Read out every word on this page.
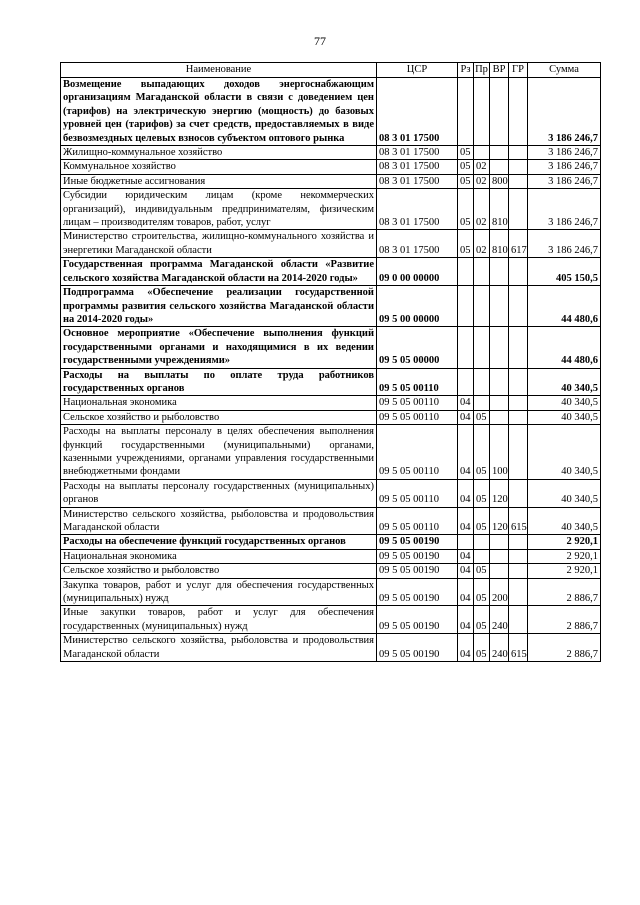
77
Наименование	ЦСР	Рз	Пр	ВР	ГР	Сумма
Возмещение выпадающих доходов энергоснабжающим организациям Магаданской области в связи с доведением цен (тарифов) на электрическую энергию (мощность) до базовых уровней цен (тарифов) за счет средств, предоставляемых в виде безвозмездных целевых взносов субъектом оптового рынка	08 3 01 17500					3 186 246,7
Жилищно-коммунальное хозяйство	08 3 01 17500	05				3 186 246,7
Коммунальное хозяйство	08 3 01 17500	05	02			3 186 246,7
Иные бюджетные ассигнования	08 3 01 17500	05	02	800		3 186 246,7
Субсидии юридическим лицам (кроме некоммерческих организаций), индивидуальным предпринимателям, физическим лицам – производителям товаров, работ, услуг	08 3 01 17500	05	02	810		3 186 246,7
Министерство строительства, жилищно-коммунального хозяйства и энергетики Магаданской области	08 3 01 17500	05	02	810	617	3 186 246,7
Государственная программа Магаданской области «Развитие сельского хозяйства Магаданской области на 2014-2020 годы»	09 0 00 00000					405 150,5
Подпрограмма «Обеспечение реализации государственной программы развития сельского хозяйства Магаданской области на 2014-2020 годы»	09 5 00 00000					44 480,6
Основное мероприятие «Обеспечение выполнения функций государственными органами и находящимися в их ведении государственными учреждениями»	09 5 05 00000					44 480,6
Расходы на выплаты по оплате труда работников государственных органов	09 5 05 00110					40 340,5
Национальная экономика	09 5 05 00110	04				40 340,5
Сельское хозяйство и рыболовство	09 5 05 00110	04	05			40 340,5
Расходы на выплаты персоналу в целях обеспечения выполнения функций государственными (муниципальными) органами, казенными учреждениями, органами управления государственными внебюджетными фондами	09 5 05 00110	04	05	100		40 340,5
Расходы на выплаты персоналу государственных (муниципальных) органов	09 5 05 00110	04	05	120		40 340,5
Министерство сельского хозяйства, рыболовства и продовольствия Магаданской области	09 5 05 00110	04	05	120	615	40 340,5
Расходы на обеспечение функций государственных органов	09 5 05 00190					2 920,1
Национальная экономика	09 5 05 00190	04				2 920,1
Сельское хозяйство и рыболовство	09 5 05 00190	04	05			2 920,1
Закупка товаров, работ и услуг для обеспечения государственных (муниципальных) нужд	09 5 05 00190	04	05	200		2 886,7
Иные закупки товаров, работ и услуг для обеспечения государственных (муниципальных) нужд	09 5 05 00190	04	05	240		2 886,7
Министерство сельского хозяйства, рыболовства и продовольствия Магаданской области	09 5 05 00190	04	05	240	615	2 886,7
